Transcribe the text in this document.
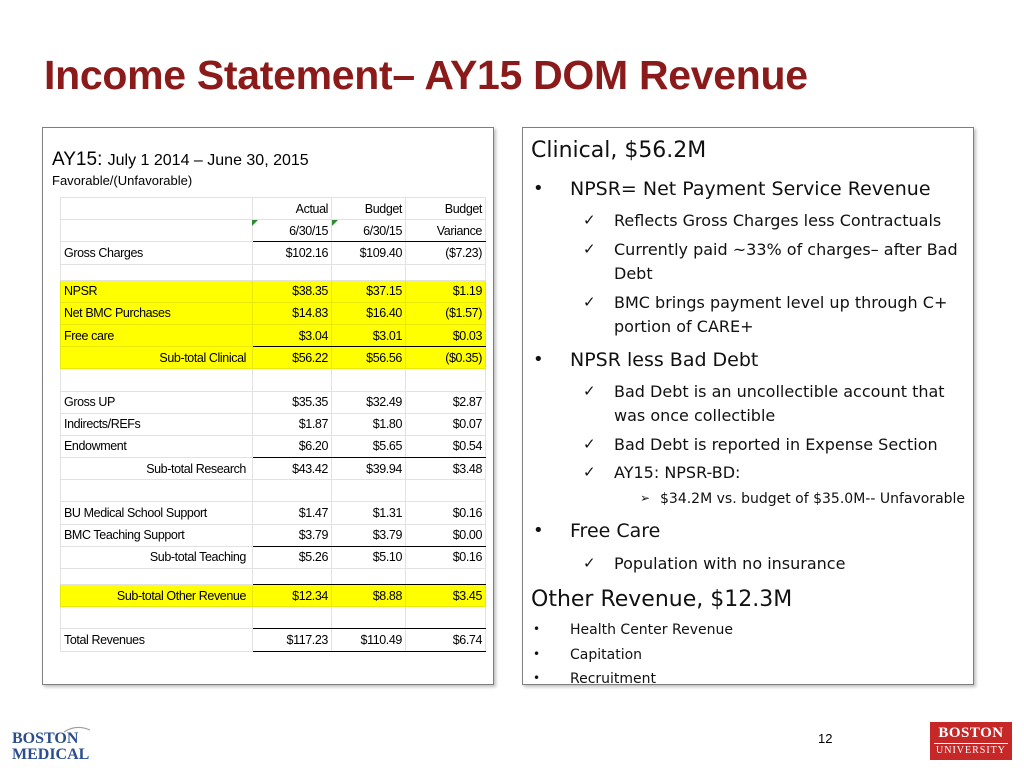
Income Statement– AY15 DOM Revenue
AY15: July 1 2014 – June 30, 2015
Favorable/(Unfavorable)
	Actual	Budget	Budget
	6/30/15	6/30/15	Variance
Gross Charges	$102.16	$109.40	($7.23)

NPSR	$38.35	$37.15	$1.19
Net BMC Purchases	$14.83	$16.40	($1.57)
Free care	$3.04	$3.01	$0.03
Sub-total Clinical	$56.22	$56.56	($0.35)

Gross UP	$35.35	$32.49	$2.87
Indirects/REFs	$1.87	$1.80	$0.07
Endowment	$6.20	$5.65	$0.54
Sub-total Research	$43.42	$39.94	$3.48

BU Medical School Support	$1.47	$1.31	$0.16
BMC Teaching Support	$3.79	$3.79	$0.00
Sub-total Teaching	$5.26	$5.10	$0.16

Sub-total Other Revenue	$12.34	$8.88	$3.45

Total Revenues	$117.23	$110.49	$6.74
Clinical, $56.2M
• NPSR= Net Payment Service Revenue
✓ Reflects Gross Charges less Contractuals
✓ Currently paid ~33% of charges– after Bad
Debt
✓ BMC brings payment level up through C+
portion of CARE+
• NPSR less Bad Debt
✓ Bad Debt is an uncollectible account that
was once collectible
✓ Bad Debt is reported in Expense Section
✓ AY15: NPSR-BD:
➢ $34.2M vs. budget of $35.0M-- Unfavorable
• Free Care
✓ Population with no insurance
Other Revenue, $12.3M
• Health Center Revenue
• Capitation
• Recruitment
BOSTON
MEDICAL
12	BOSTON
UNIVERSITY
